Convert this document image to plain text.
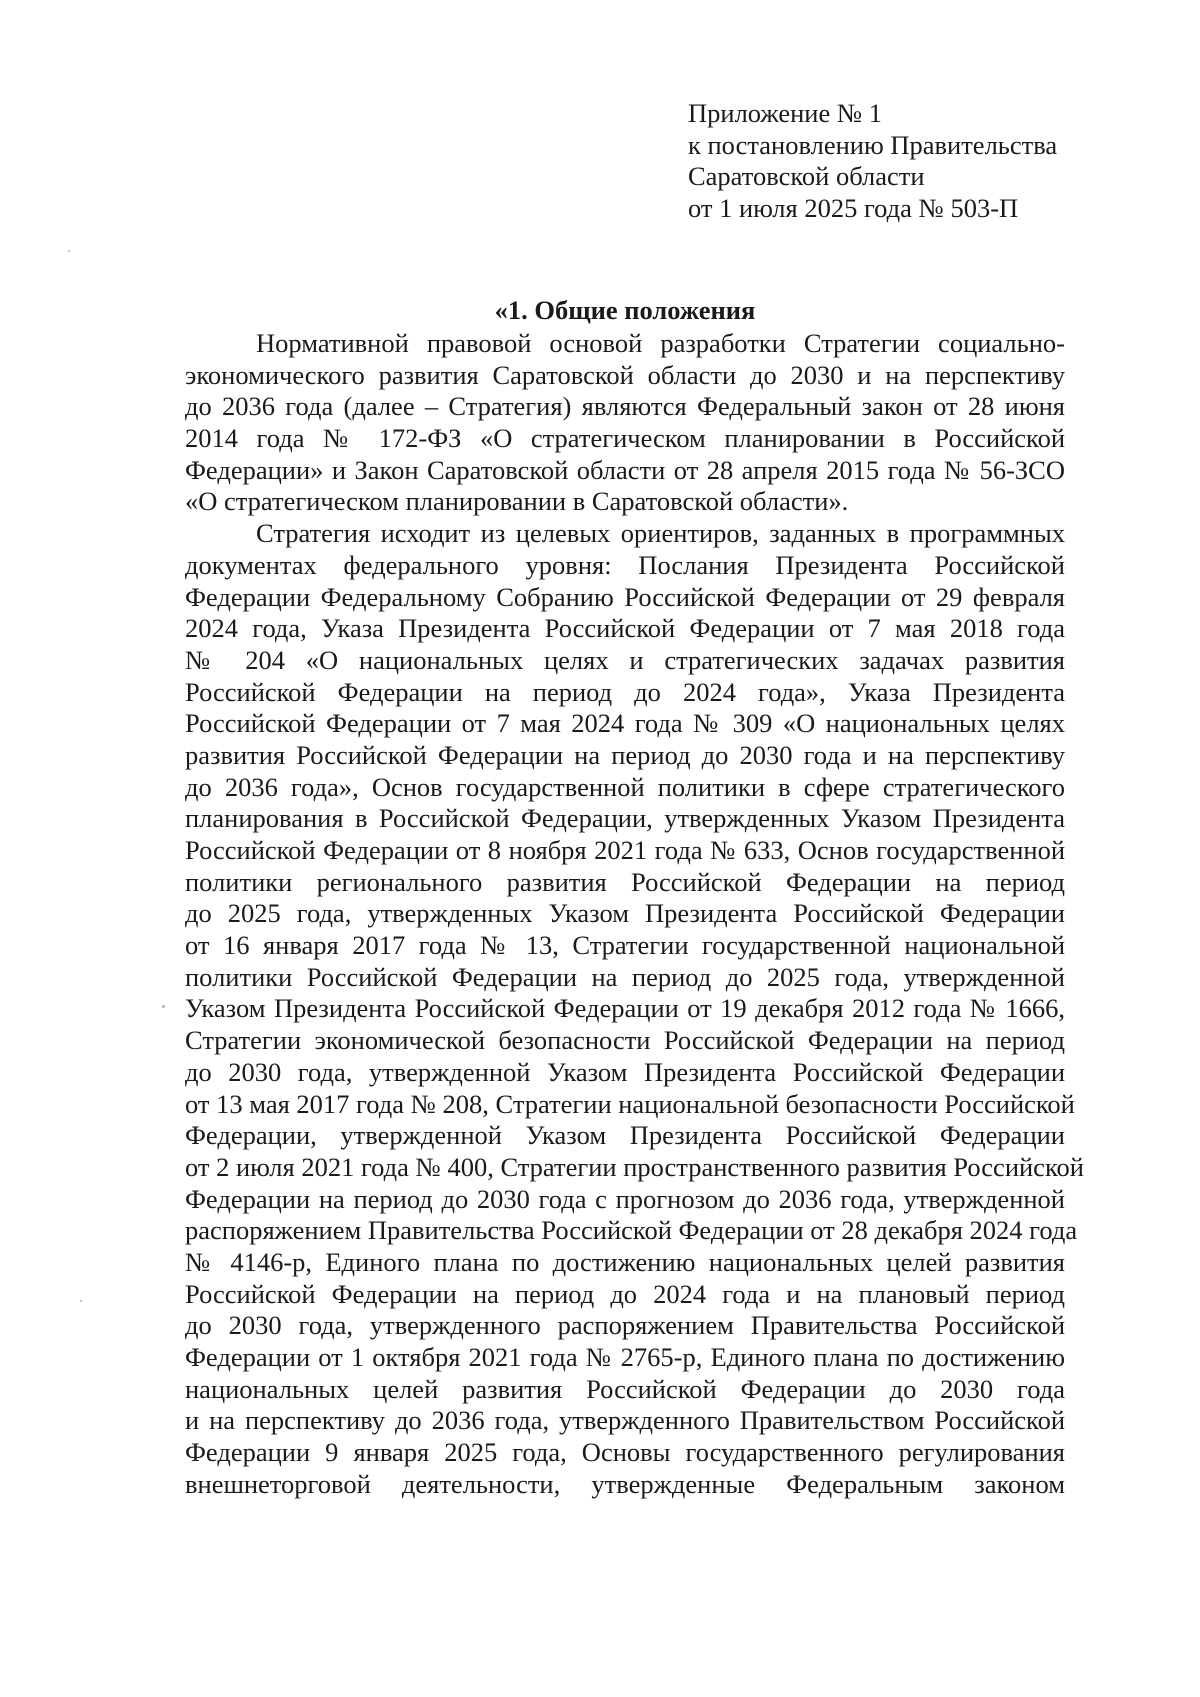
Приложение № 1
к постановлению Правительства
Саратовской области
от 1 июля 2025 года № 503-П
«1. Общие положения
Нормативной правовой основой разработки Стратегии социально-
экономического развития Саратовской области до 2030 и на перспективу
до 2036 года (далее – Стратегия) являются Федеральный закон от 28 июня
2014 года № 172-ФЗ «О стратегическом планировании в Российской
Федерации» и Закон Саратовской области от 28 апреля 2015 года № 56-ЗСО
«О стратегическом планировании в Саратовской области».
Стратегия исходит из целевых ориентиров, заданных в программных
документах федерального уровня: Послания Президента Российской
Федерации Федеральному Собранию Российской Федерации от 29 февраля
2024 года, Указа Президента Российской Федерации от 7 мая 2018 года
№ 204 «О национальных целях и стратегических задачах развития
Российской Федерации на период до 2024 года», Указа Президента
Российской Федерации от 7 мая 2024 года № 309 «О национальных целях
развития Российской Федерации на период до 2030 года и на перспективу
до 2036 года», Основ государственной политики в сфере стратегического
планирования в Российской Федерации, утвержденных Указом Президента
Российской Федерации от 8 ноября 2021 года № 633, Основ государственной
политики регионального развития Российской Федерации на период
до 2025 года, утвержденных Указом Президента Российской Федерации
от 16 января 2017 года № 13, Стратегии государственной национальной
политики Российской Федерации на период до 2025 года, утвержденной
Указом Президента Российской Федерации от 19 декабря 2012 года № 1666,
Стратегии экономической безопасности Российской Федерации на период
до 2030 года, утвержденной Указом Президента Российской Федерации
от 13 мая 2017 года № 208, Стратегии национальной безопасности Российской
Федерации, утвержденной Указом Президента Российской Федерации
от 2 июля 2021 года № 400, Стратегии пространственного развития Российской
Федерации на период до 2030 года с прогнозом до 2036 года, утвержденной
распоряжением Правительства Российской Федерации от 28 декабря 2024 года
№ 4146-р, Единого плана по достижению национальных целей развития
Российской Федерации на период до 2024 года и на плановый период
до 2030 года, утвержденного распоряжением Правительства Российской
Федерации от 1 октября 2021 года № 2765-р, Единого плана по достижению
национальных целей развития Российской Федерации до 2030 года
и на перспективу до 2036 года, утвержденного Правительством Российской
Федерации 9 января 2025 года, Основы государственного регулирования
внешнеторговой деятельности, утвержденные Федеральным законом
